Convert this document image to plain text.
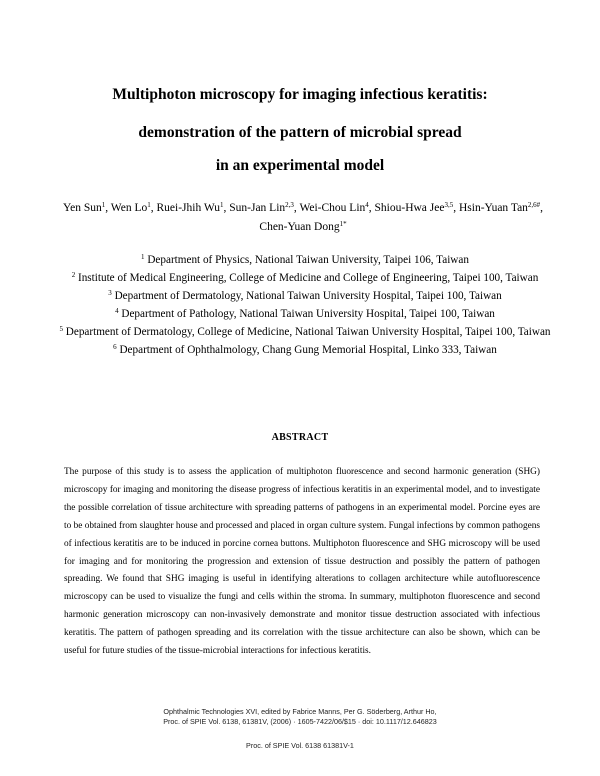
Multiphoton microscopy for imaging infectious keratitis:
demonstration of the pattern of microbial spread
in an experimental model
Yen Sun$^1$, Wen Lo$^1$, Ruei-Jhih Wu$^1$, Sun-Jan Lin$^{2,3}$, Wei-Chou Lin$^4$, Shiou-Hwa Jee$^{3,5}$, Hsin-Yuan Tan$^{2,6\#}$, Chen-Yuan Dong$^{1*}$

$^1$ Department of Physics, National Taiwan University, Taipei 106, Taiwan

$^2$ Institute of Medical Engineering, College of Medicine and College of Engineering, Taipei 100, Taiwan

$^3$ Department of Dermatology, National Taiwan University Hospital, Taipei 100, Taiwan

$^4$ Department of Pathology, National Taiwan University Hospital, Taipei 100, Taiwan

$^5$ Department of Dermatology, College of Medicine, National Taiwan University Hospital, Taipei 100, Taiwan

$^6$ Department of Ophthalmology, Chang Gung Memorial Hospital, Linko 333, Taiwan

ABSTRACT
The purpose of this study is to assess the application of multiphoton fluorescence and second harmonic generation (SHG) microscopy for imaging and monitoring the disease progress of infectious keratitis in an experimental model, and to investigate the possible correlation of tissue architecture with spreading patterns of pathogens in an experimental model. Porcine eyes are to be obtained from slaughter house and processed and placed in organ culture system. Fungal infections by common pathogens of infectious keratitis are to be induced in porcine cornea buttons. Multiphoton fluorescence and SHG microscopy will be used for imaging and for monitoring the progression and extension of tissue destruction and possibly the pattern of pathogen spreading. We found that SHG imaging is useful in identifying alterations to collagen architecture while autofluorescence microscopy can be used to visualize the fungi and cells within the stroma. In summary, multiphoton fluorescence and second harmonic generation microscopy can non-invasively demonstrate and monitor tissue destruction associated with infectious keratitis. The pattern of pathogen spreading and its correlation with the tissue architecture can also be shown, which can be useful for future studies of the tissue-microbial interactions for infectious keratitis.
Ophthalmic Technologies XVI, edited by Fabrice Manns, Per G. Söderberg, Arthur Ho,
Proc. of SPIE Vol. 6138, 61381V, (2006) · 1605-7422/06/$15 · doi: 10.1117/12.646823
Proc. of SPIE Vol. 6138 61381V-1
